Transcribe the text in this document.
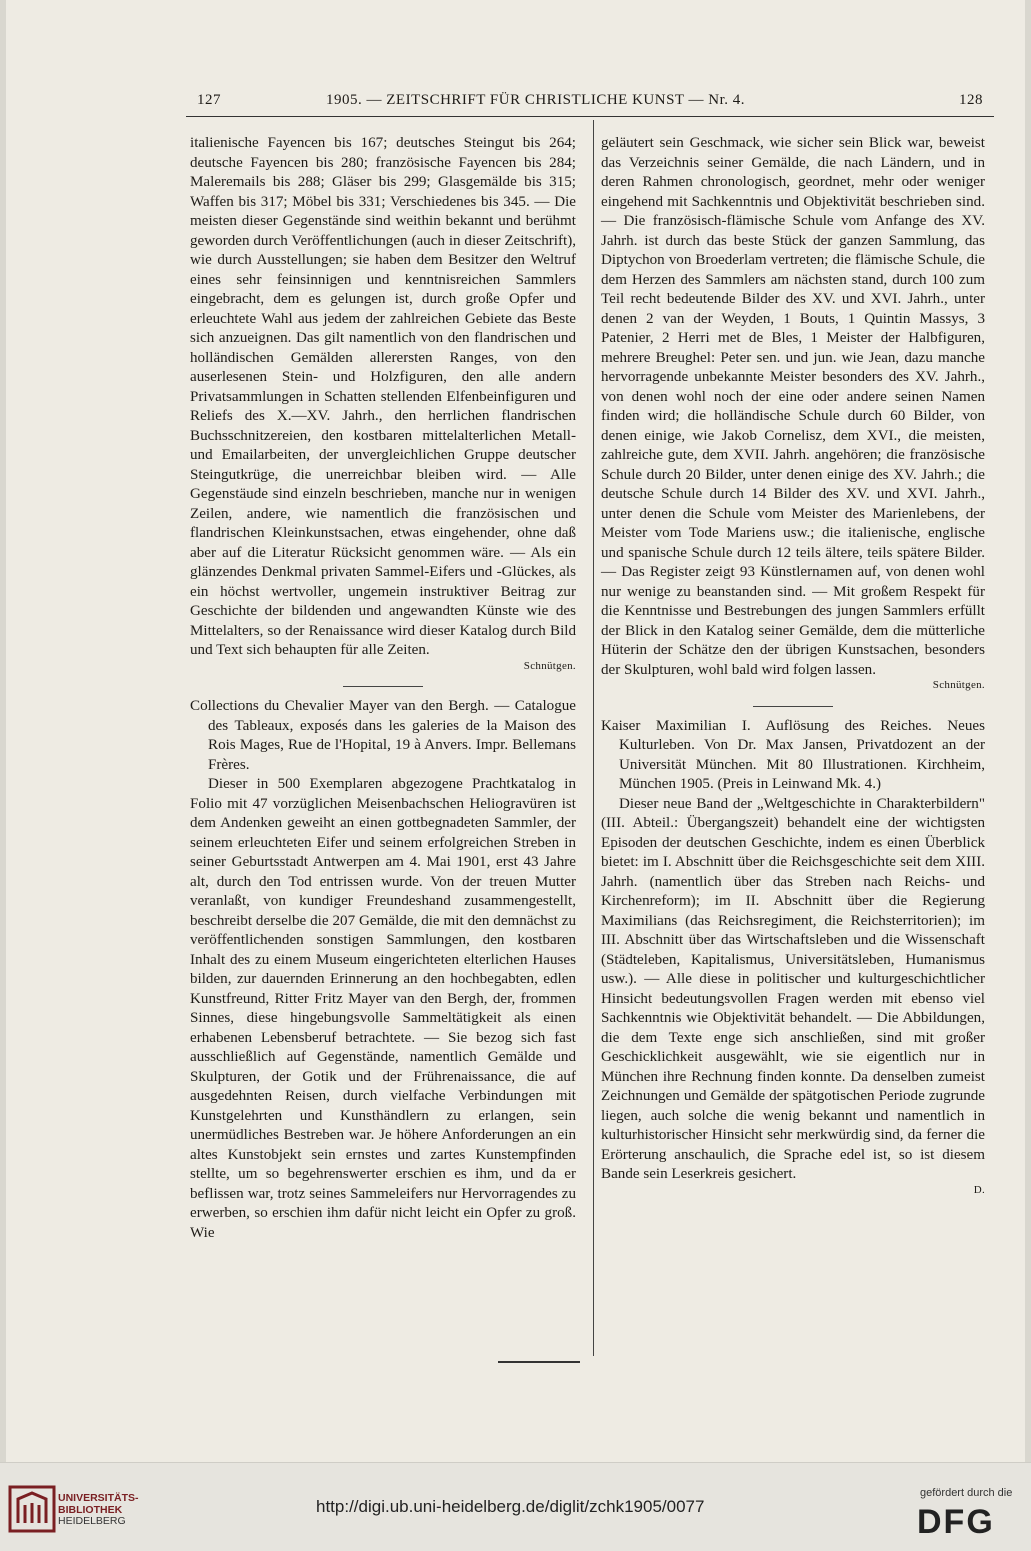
127	1905. — ZEITSCHRIFT FÜR CHRISTLICHE KUNST — Nr. 4.	128

italienische Fayencen bis 167; deutsches Steingut bis 264; deutsche Fayencen bis 280; französische Fayencen bis 284; Maleremails bis 288; Gläser bis 299; Glasgemälde bis 315; Waffen bis 317; Möbel bis 331; Verschiedenes bis 345. — Die meisten dieser Gegenstände sind weithin bekannt und berühmt geworden durch Veröffentlichungen (auch in dieser Zeitschrift), wie durch Ausstellungen; sie haben dem Besitzer den Weltruf eines sehr feinsinnigen und kenntnisreichen Sammlers eingebracht, dem es gelungen ist, durch große Opfer und erleuchtete Wahl aus jedem der zahlreichen Gebiete das Beste sich anzueignen. Das gilt namentlich von den flandrischen und holländischen Gemälden allerersten Ranges, von den auserlesenen Stein- und Holzfiguren, den alle andern Privatsammlungen in Schatten stellenden Elfenbeinfiguren und Reliefs des X.—XV. Jahrh., den herrlichen flandrischen Buchsschnitzereien, den kostbaren mittelalterlichen Metall- und Emailarbeiten, der unvergleichlichen Gruppe deutscher Steingutkrüge, die unerreichbar bleiben wird. — Alle Gegenstäude sind einzeln beschrieben, manche nur in wenigen Zeilen, andere, wie namentlich die französischen und flandrischen Kleinkunstsachen, etwas eingehender, ohne daß aber auf die Literatur Rücksicht genommen wäre. — Als ein glänzendes Denkmal privaten Sammel-Eifers und -Glückes, als ein höchst wertvoller, ungemein instruktiver Beitrag zur Geschichte der bildenden und angewandten Künste wie des Mittelalters, so der Renaissance wird dieser Katalog durch Bild und Text sich behaupten für alle Zeiten.

Schnütgen.

Collections du Chevalier Mayer van den Bergh. — Catalogue des Tableaux, exposés dans les galeries de la Maison des Rois Mages, Rue de l'Hopital, 19 à Anvers. Impr. Bellemans Frères.

Dieser in 500 Exemplaren abgezogene Prachtkatalog in Folio mit 47 vorzüglichen Meisenbachschen Heliogravüren ist dem Andenken geweiht an einen gottbegnadeten Sammler, der seinem erleuchteten Eifer und seinem erfolgreichen Streben in seiner Geburtsstadt Antwerpen am 4. Mai 1901, erst 43 Jahre alt, durch den Tod entrissen wurde. Von der treuen Mutter veranlaßt, von kundiger Freundeshand zusammengestellt, beschreibt derselbe die 207 Gemälde, die mit den demnächst zu veröffentlichenden sonstigen Sammlungen, den kostbaren Inhalt des zu einem Museum eingerichteten elterlichen Hauses bilden, zur dauernden Erinnerung an den hochbegabten, edlen Kunstfreund, Ritter Fritz Mayer van den Bergh, der, frommen Sinnes, diese hingebungsvolle Sammeltätigkeit als einen erhabenen Lebensberuf betrachtete. — Sie bezog sich fast ausschließlich auf Gegenstände, namentlich Gemälde und Skulpturen, der Gotik und der Frührenaissance, die auf ausgedehnten Reisen, durch vielfache Verbindungen mit Kunstgelehrten und Kunsthändlern zu erlangen, sein unermüdliches Bestreben war. Je höhere Anforderungen an ein altes Kunstobjekt sein ernstes und zartes Kunstempfinden stellte, um so begehrenswerter erschien es ihm, und da er beflissen war, trotz seines Sammeleifers nur Hervorragendes zu erwerben, so erschien ihm dafür nicht leicht ein Opfer zu groß. Wie

geläutert sein Geschmack, wie sicher sein Blick war, beweist das Verzeichnis seiner Gemälde, die nach Ländern, und in deren Rahmen chronologisch, geordnet, mehr oder weniger eingehend mit Sachkenntnis und Objektivität beschrieben sind. — Die französisch-flämische Schule vom Anfange des XV. Jahrh. ist durch das beste Stück der ganzen Sammlung, das Diptychon von Broederlam vertreten; die flämische Schule, die dem Herzen des Sammlers am nächsten stand, durch 100 zum Teil recht bedeutende Bilder des XV. und XVI. Jahrh., unter denen 2 van der Weyden, 1 Bouts, 1 Quintin Massys, 3 Patenier, 2 Herri met de Bles, 1 Meister der Halbfiguren, mehrere Breughel: Peter sen. und jun. wie Jean, dazu manche hervorragende unbekannte Meister besonders des XV. Jahrh., von denen wohl noch der eine oder andere seinen Namen finden wird; die holländische Schule durch 60 Bilder, von denen einige, wie Jakob Cornelisz, dem XVI., die meisten, zahlreiche gute, dem XVII. Jahrh. angehören; die französische Schule durch 20 Bilder, unter denen einige des XV. Jahrh.; die deutsche Schule durch 14 Bilder des XV. und XVI. Jahrh., unter denen die Schule vom Meister des Marienlebens, der Meister vom Tode Mariens usw.; die italienische, englische und spanische Schule durch 12 teils ältere, teils spätere Bilder. — Das Register zeigt 93 Künstlernamen auf, von denen wohl nur wenige zu beanstanden sind. — Mit großem Respekt für die Kenntnisse und Bestrebungen des jungen Sammlers erfüllt der Blick in den Katalog seiner Gemälde, dem die mütterliche Hüterin der Schätze den der übrigen Kunstsachen, besonders der Skulpturen, wohl bald wird folgen lassen.

Schnütgen.

Kaiser Maximilian I. Auflösung des Reiches. Neues Kulturleben. Von Dr. Max Jansen, Privatdozent an der Universität München. Mit 80 Illustrationen. Kirchheim, München 1905. (Preis in Leinwand Mk. 4.)

Dieser neue Band der „Weltgeschichte in Charakterbildern" (III. Abteil.: Übergangszeit) behandelt eine der wichtigsten Episoden der deutschen Geschichte, indem es einen Überblick bietet: im I. Abschnitt über die Reichsgeschichte seit dem XIII. Jahrh. (namentlich über das Streben nach Reichs- und Kirchenreform); im II. Abschnitt über die Regierung Maximilians (das Reichsregiment, die Reichsterritorien); im III. Abschnitt über das Wirtschaftsleben und die Wissenschaft (Städteleben, Kapitalismus, Universitätsleben, Humanismus usw.). — Alle diese in politischer und kulturgeschichtlicher Hinsicht bedeutungsvollen Fragen werden mit ebenso viel Sachkenntnis wie Objektivität behandelt. — Die Abbildungen, die dem Texte enge sich anschließen, sind mit großer Geschicklichkeit ausgewählt, wie sie eigentlich nur in München ihre Rechnung finden konnte. Da denselben zumeist Zeichnungen und Gemälde der spätgotischen Periode zugrunde liegen, auch solche die wenig bekannt und namentlich in kulturhistorischer Hinsicht sehr merkwürdig sind, da ferner die Erörterung anschaulich, die Sprache edel ist, so ist diesem Bande sein Leserkreis gesichert.

D.
UNIVERSITÄTS-
BIBLIOTHEK
HEIDELBERG
http://digi.ub.uni-heidelberg.de/diglit/zchk1905/0077
gefördert durch die
DFG
